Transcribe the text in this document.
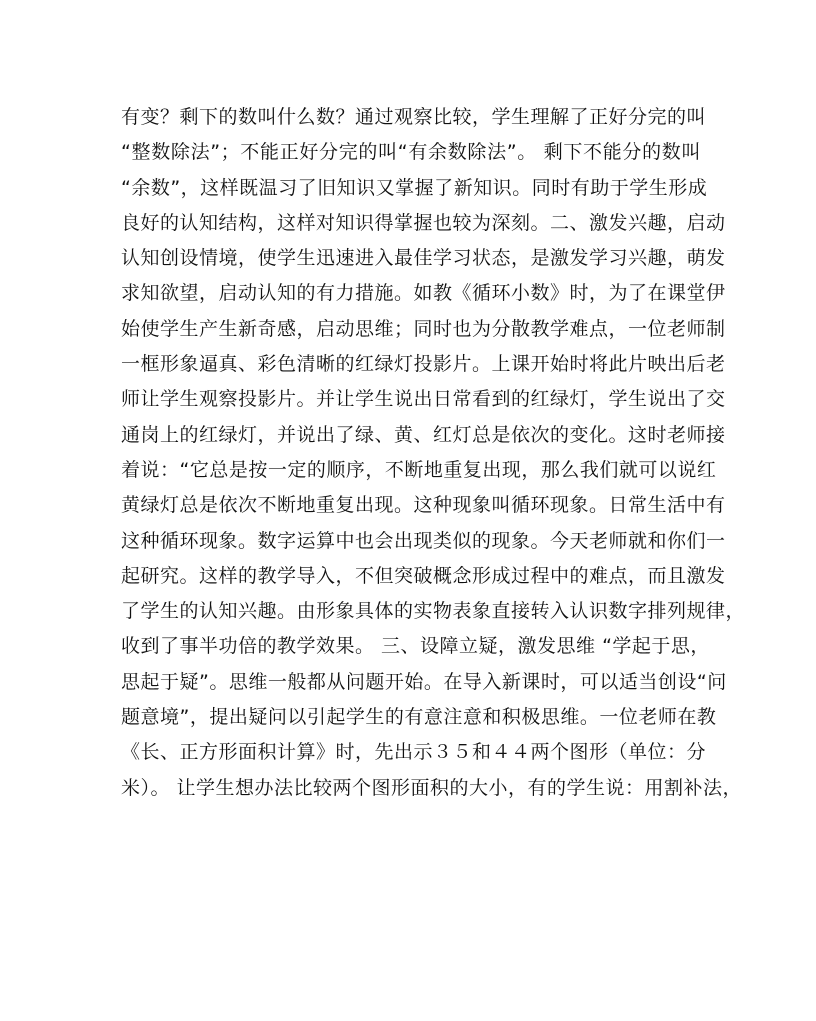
有变？剩下的数叫什么数？通过观察比较，学生理解了正好分完的叫
“整数除法”；不能正好分完的叫“有余数除法”。 剩下不能分的数叫
“余数”，这样既温习了旧知识又掌握了新知识。同时有助于学生形成
良好的认知结构，这样对知识得掌握也较为深刻。二、激发兴趣，启动
认知创设情境，使学生迅速进入最佳学习状态，是激发学习兴趣，萌发
求知欲望，启动认知的有力措施。如教《循环小数》时，为了在课堂伊
始使学生产生新奇感，启动思维；同时也为分散教学难点，一位老师制
一框形象逼真、彩色清晰的红绿灯投影片。上课开始时将此片映出后老
师让学生观察投影片。并让学生说出日常看到的红绿灯，学生说出了交
通岗上的红绿灯，并说出了绿、黄、红灯总是依次的变化。这时老师接
着说：“它总是按一定的顺序，不断地重复出现，那么我们就可以说红
黄绿灯总是依次不断地重复出现。这种现象叫循环现象。日常生活中有
这种循环现象。数字运算中也会出现类似的现象。今天老师就和你们一
起研究。这样的教学导入，不但突破概念形成过程中的难点，而且激发
了学生的认知兴趣。由形象具体的实物表象直接转入认识数字排列规律，
收到了事半功倍的教学效果。 三、设障立疑，激发思维 “学起于思，
思起于疑”。思维一般都从问题开始。在导入新课时，可以适当创设“问
题意境”，提出疑问以引起学生的有意注意和积极思维。一位老师在教
《长、正方形面积计算》时，先出示３５和４４两个图形（单位：分
米）。 让学生想办法比较两个图形面积的大小，有的学生说：用割补法，
